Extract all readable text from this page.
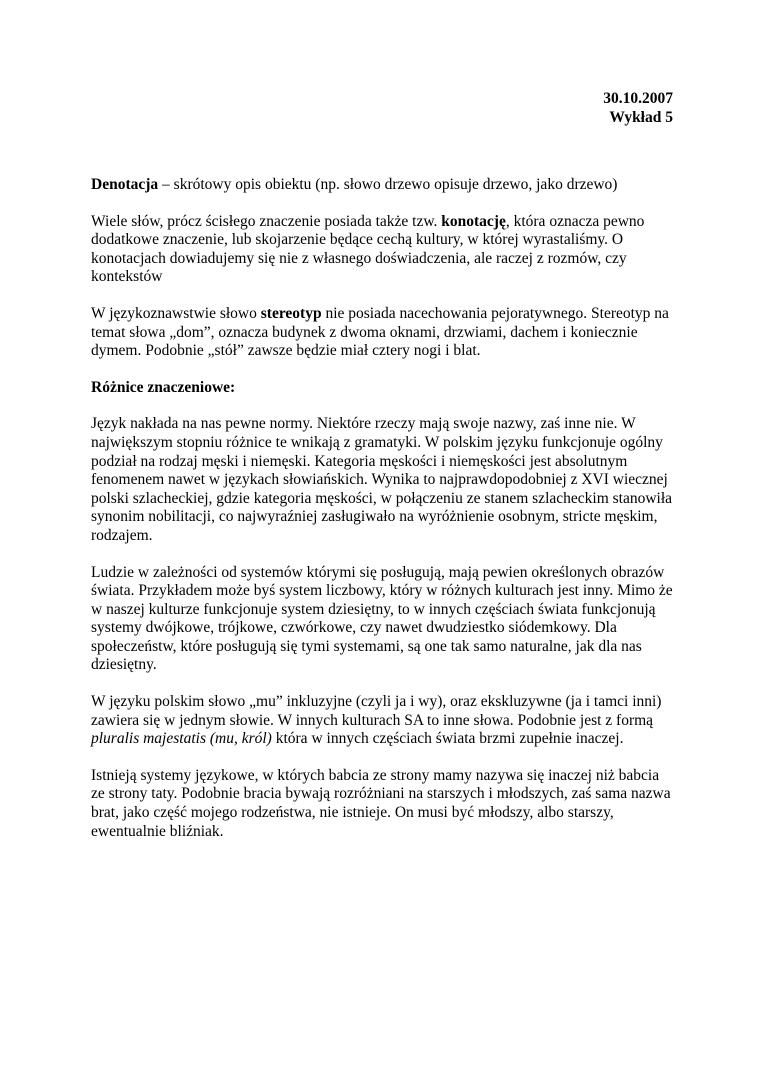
30.10.2007
Wykład 5

Denotacja – skrótowy opis obiektu (np. słowo drzewo opisuje drzewo, jako drzewo)

Wiele słów, prócz ścisłego znaczenie posiada także tzw. konotację, która oznacza pewno dodatkowe znaczenie, lub skojarzenie będące cechą kultury, w której wyrastaliśmy. O konotacjach dowiadujemy się nie z własnego doświadczenia, ale raczej z rozmów, czy kontekstów

W językoznawstwie słowo stereotyp nie posiada nacechowania pejoratywnego. Stereotyp na temat słowa „dom”, oznacza budynek z dwoma oknami, drzwiami, dachem i koniecznie dymem. Podobnie „stół” zawsze będzie miał cztery nogi i blat.

Różnice znaczeniowe:

Język nakłada na nas pewne normy. Niektóre rzeczy mają swoje nazwy, zaś inne nie. W największym stopniu różnice te wnikają z gramatyki. W polskim języku funkcjonuje ogólny podział na rodzaj męski i niemęski. Kategoria męskości i niemęskości jest absolutnym fenomenem nawet w językach słowiańskich. Wynika to najprawdopodobniej z XVI wiecznej polski szlacheckiej, gdzie kategoria męskości, w połączeniu ze stanem szlacheckim stanowiła synonim nobilitacji, co najwyraźniej zasługiwało na wyróżnienie osobnym, stricte męskim, rodzajem.

Ludzie w zależności od systemów którymi się posługują, mają pewien określonych obrazów świata. Przykładem może byś system liczbowy, który w różnych kulturach jest inny. Mimo że w naszej kulturze funkcjonuje system dziesiętny, to w innych częściach świata funkcjonują systemy dwójkowe, trójkowe, czwórkowe, czy nawet dwudziestko siódemkowy. Dla społeczeństw, które posługują się tymi systemami, są one tak samo naturalne, jak dla nas dziesiętny.

W języku polskim słowo „mu” inkluzyjne (czyli ja i wy), oraz ekskluzywne (ja i tamci inni) zawiera się w jednym słowie. W innych kulturach SA to inne słowa. Podobnie jest z formą pluralis majestatis (mu, król) która w innych częściach świata brzmi zupełnie inaczej.

Istnieją systemy językowe, w których babcia ze strony mamy nazywa się inaczej niż babcia ze strony taty. Podobnie bracia bywają rozróżniani na starszych i młodszych, zaś sama nazwa brat, jako część mojego rodzeństwa, nie istnieje. On musi być młodszy, albo starszy, ewentualnie bliźniak.
